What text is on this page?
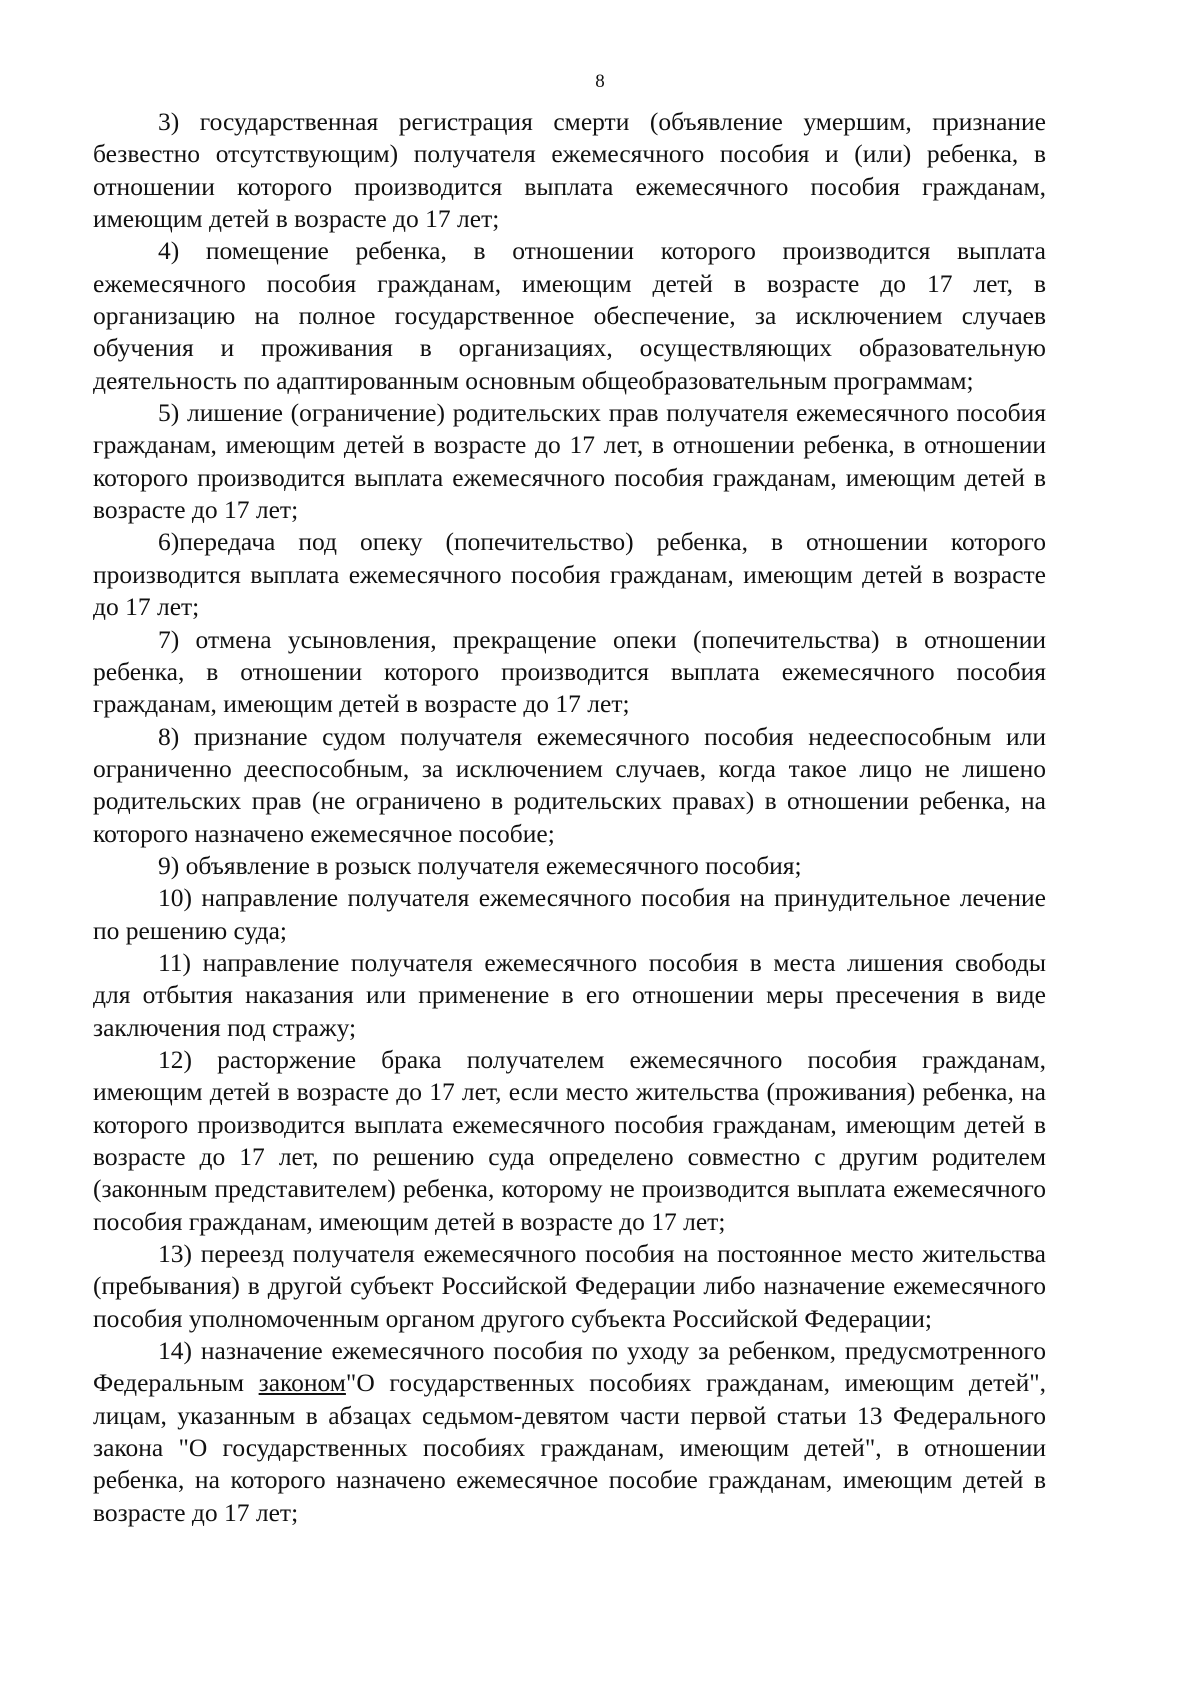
8

3) государственная регистрация смерти (объявление умершим, признание безвестно отсутствующим) получателя ежемесячного пособия и (или) ребенка, в отношении которого производится выплата ежемесячного пособия гражданам, имеющим детей в возрасте до 17 лет;

4) помещение ребенка, в отношении которого производится выплата ежемесячного пособия гражданам, имеющим детей в возрасте до 17 лет, в организацию на полное государственное обеспечение, за исключением случаев обучения и проживания в организациях, осуществляющих образовательную деятельность по адаптированным основным общеобразовательным программам;

5) лишение (ограничение) родительских прав получателя ежемесячного пособия гражданам, имеющим детей в возрасте до 17 лет, в отношении ребенка, в отношении которого производится выплата ежемесячного пособия гражданам, имеющим детей в возрасте до 17 лет;

6)передача под опеку (попечительство) ребенка, в отношении которого производится выплата ежемесячного пособия гражданам, имеющим детей в возрасте до 17 лет;

7) отмена усыновления, прекращение опеки (попечительства) в отношении ребенка, в отношении которого производится выплата ежемесячного пособия гражданам, имеющим детей в возрасте до 17 лет;

8) признание судом получателя ежемесячного пособия недееспособным или ограниченно дееспособным, за исключением случаев, когда такое лицо не лишено родительских прав (не ограничено в родительских правах) в отношении ребенка, на которого назначено ежемесячное пособие;

9) объявление в розыск получателя ежемесячного пособия;

10) направление получателя ежемесячного пособия на принудительное лечение по решению суда;

11) направление получателя ежемесячного пособия в места лишения свободы для отбытия наказания или применение в его отношении меры пресечения в виде заключения под стражу;

12) расторжение брака получателем ежемесячного пособия гражданам, имеющим детей в возрасте до 17 лет, если место жительства (проживания) ребенка, на которого производится выплата ежемесячного пособия гражданам, имеющим детей в возрасте до 17 лет, по решению суда определено совместно с другим родителем (законным представителем) ребенка, которому не производится выплата ежемесячного пособия гражданам, имеющим детей в возрасте до 17 лет;

13) переезд получателя ежемесячного пособия на постоянное место жительства (пребывания) в другой субъект Российской Федерации либо назначение ежемесячного пособия уполномоченным органом другого субъекта Российской Федерации;

14) назначение ежемесячного пособия по уходу за ребенком, предусмотренного Федеральным законом"О государственных пособиях гражданам, имеющим детей", лицам, указанным в абзацах седьмом-девятом части первой статьи 13 Федерального закона "О государственных пособиях гражданам, имеющим детей", в отношении ребенка, на которого назначено ежемесячное пособие гражданам, имеющим детей в возрасте до 17 лет;
